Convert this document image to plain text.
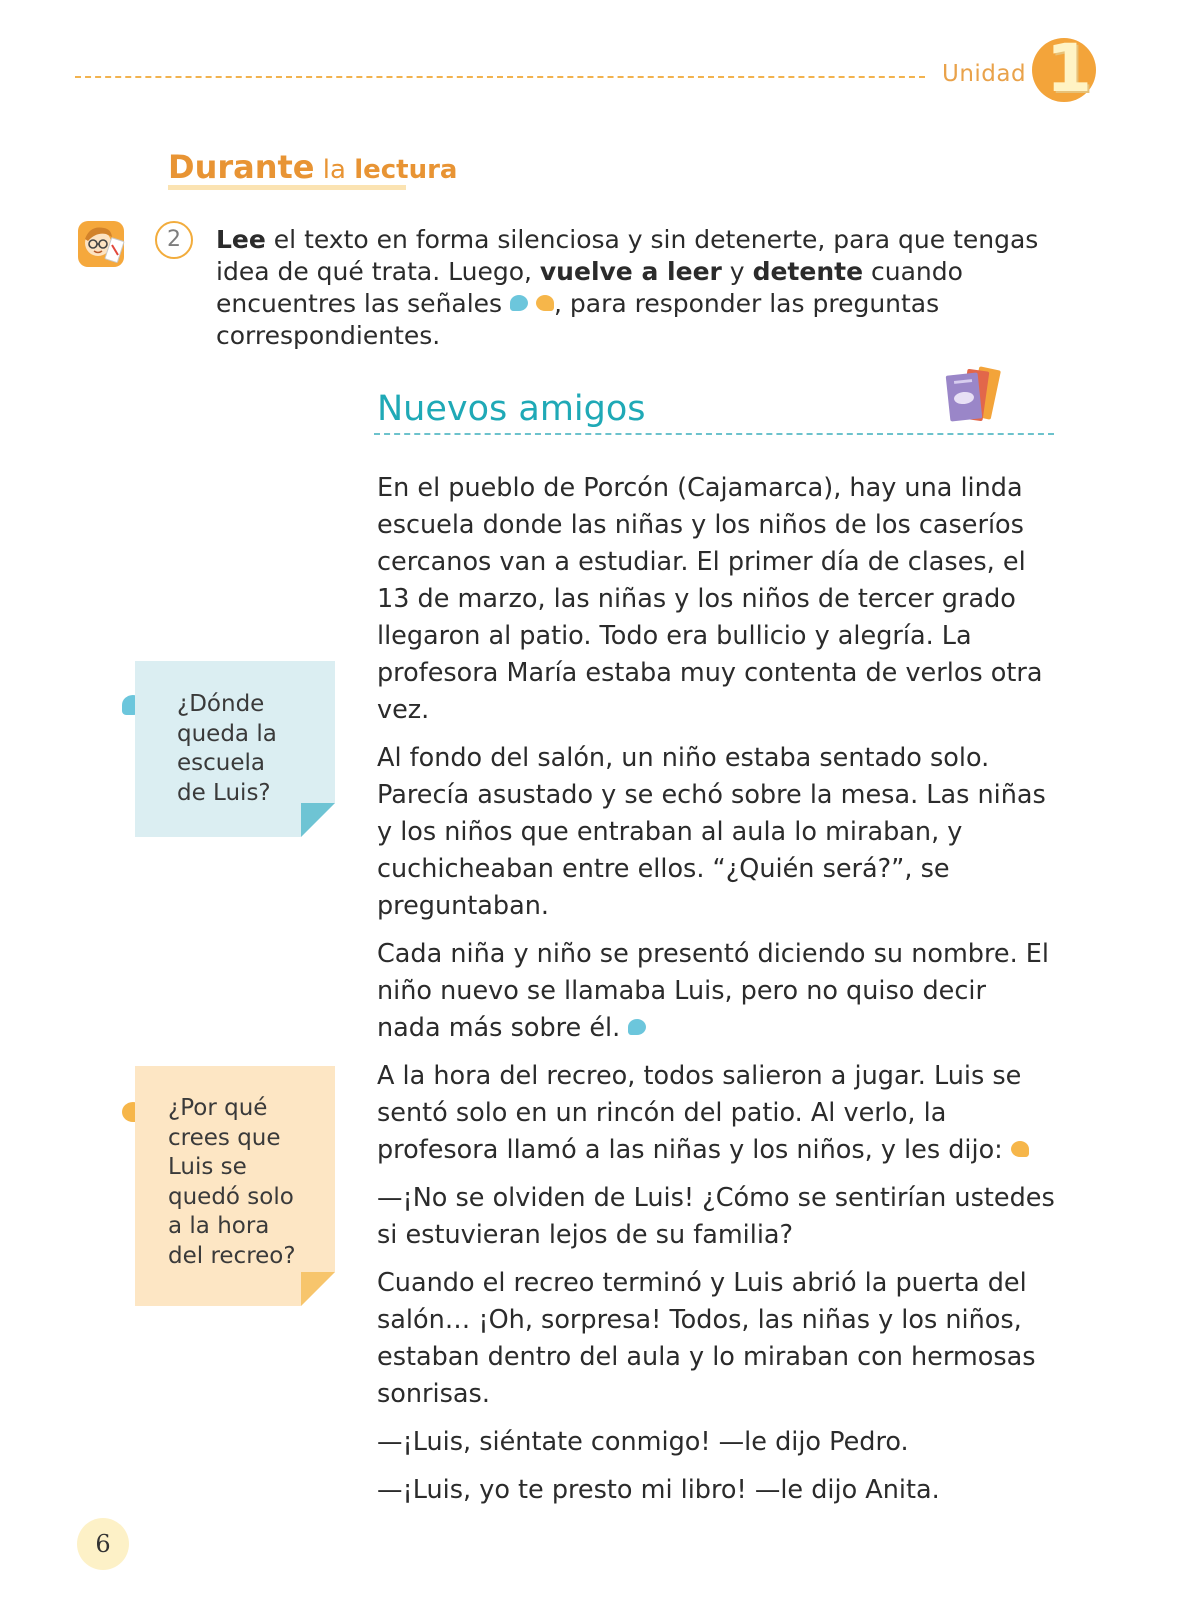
Unidad 1
Durante la lectura
2	Lee el texto en forma silenciosa y sin detenerte, para que tengas idea de qué trata. Luego, vuelve a leer y detente cuando encuentres las señales  , para responder las preguntas correspondientes.
Nuevos amigos

En el pueblo de Porcón (Cajamarca), hay una linda escuela donde las niñas y los niños de los caseríos cercanos van a estudiar. El primer día de clases, el 13 de marzo, las niñas y los niños de tercer grado llegaron al patio. Todo era bullicio y alegría. La profesora María estaba muy contenta de verlos otra vez.

Al fondo del salón, un niño estaba sentado solo. Parecía asustado y se echó sobre la mesa. Las niñas y los niños que entraban al aula lo miraban, y cuchicheaban entre ellos. “¿Quién será?”, se preguntaban.

Cada niña y niño se presentó diciendo su nombre. El niño nuevo se llamaba Luis, pero no quiso decir nada más sobre él.

A la hora del recreo, todos salieron a jugar. Luis se sentó solo en un rincón del patio. Al verlo, la profesora llamó a las niñas y los niños, y les dijo:

—¡No se olviden de Luis! ¿Cómo se sentirían ustedes si estuvieran lejos de su familia?

Cuando el recreo terminó y Luis abrió la puerta del salón… ¡Oh, sorpresa! Todos, las niñas y los niños, estaban dentro del aula y lo miraban con hermosas sonrisas.

—¡Luis, siéntate conmigo! —le dijo Pedro.

—¡Luis, yo te presto mi libro! —le dijo Anita.

¿Dónde
queda la
escuela
de Luis?
¿Por qué
crees que
Luis se
quedó solo
a la hora
del recreo?
6
